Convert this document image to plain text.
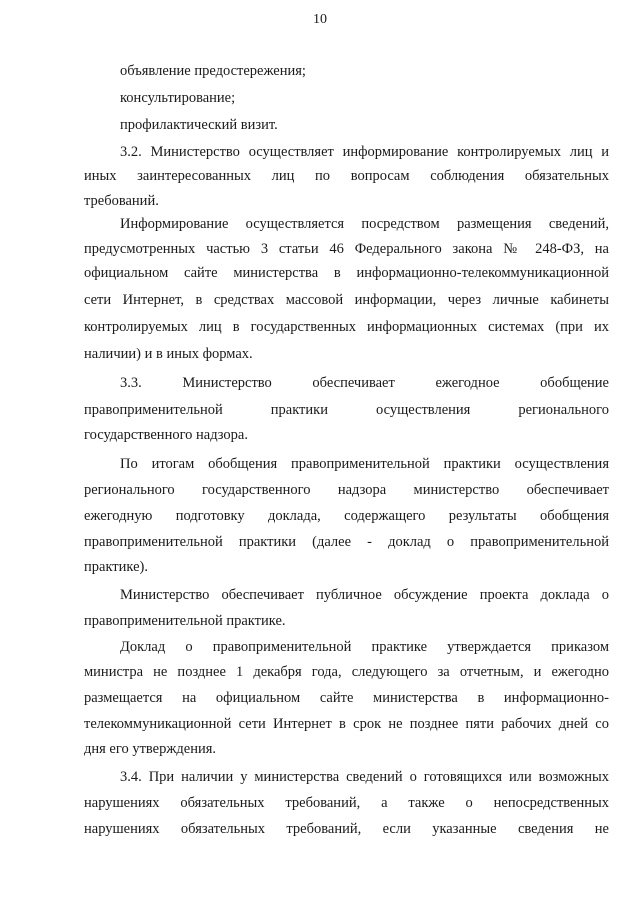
10
объявление предостережения;
консультирование;
профилактический визит.
3.2. Министерство осуществляет информирование контролируемых лиц и
иных заинтересованных лиц по вопросам соблюдения обязательных
требований.
Информирование осуществляется посредством размещения сведений,
предусмотренных частью 3 статьи 46 Федерального закона № 248-ФЗ, на
официальном сайте министерства в информационно-телекоммуникационной
сети Интернет, в средствах массовой информации, через личные кабинеты
контролируемых лиц в государственных информационных системах (при их
наличии) и в иных формах.
3.3. Министерство обеспечивает ежегодное обобщение
правоприменительной практики осуществления регионального
государственного надзора.
По итогам обобщения правоприменительной практики осуществления
регионального государственного надзора министерство обеспечивает
ежегодную подготовку доклада, содержащего результаты обобщения
правоприменительной практики (далее - доклад о правоприменительной
практике).
Министерство обеспечивает публичное обсуждение проекта доклада о
правоприменительной практике.
Доклад о правоприменительной практике утверждается приказом
министра не позднее 1 декабря года, следующего за отчетным, и ежегодно
размещается на официальном сайте министерства в информационно-
телекоммуникационной сети Интернет в срок не позднее пяти рабочих дней со
дня его утверждения.
3.4. При наличии у министерства сведений о готовящихся или возможных
нарушениях обязательных требований, а также о непосредственных
нарушениях обязательных требований, если указанные сведения не
